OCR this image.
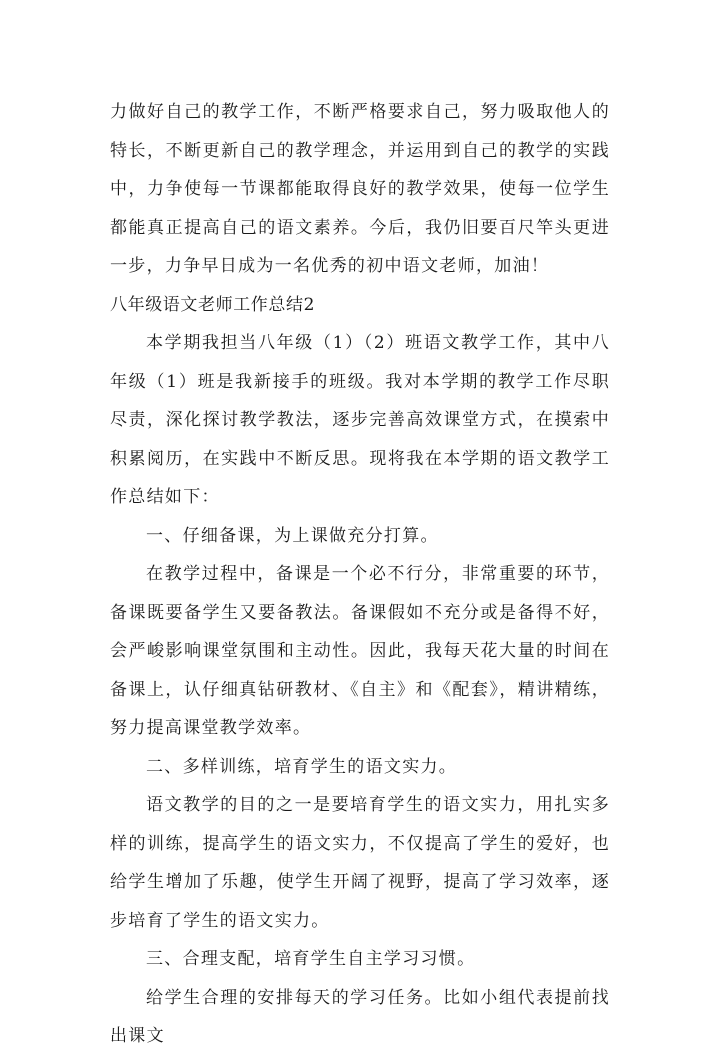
力做好自己的教学工作，不断严格要求自己，努力吸取他人的特长，不断更新自己的教学理念，并运用到自己的教学的实践中，力争使每一节课都能取得良好的教学效果，使每一位学生都能真正提高自己的语文素养。今后，我仍旧要百尺竿头更进一步，力争早日成为一名优秀的初中语文老师，加油！

八年级语文老师工作总结2

本学期我担当八年级（1）（2）班语文教学工作，其中八年级（1）班是我新接手的班级。我对本学期的教学工作尽职尽责，深化探讨教学教法，逐步完善高效课堂方式，在摸索中积累阅历，在实践中不断反思。现将我在本学期的语文教学工作总结如下：

一、仔细备课，为上课做充分打算。

在教学过程中，备课是一个必不行分，非常重要的环节，备课既要备学生又要备教法。备课假如不充分或是备得不好，会严峻影响课堂氛围和主动性。因此，我每天花大量的时间在备课上，认仔细真钻研教材、《自主》和《配套》，精讲精练，努力提高课堂教学效率。

二、多样训练，培育学生的语文实力。

语文教学的目的之一是要培育学生的语文实力，用扎实多样的训练，提高学生的语文实力，不仅提高了学生的爱好，也给学生增加了乐趣，使学生开阔了视野，提高了学习效率，逐步培育了学生的语文实力。

三、合理支配，培育学生自主学习习惯。

给学生合理的安排每天的学习任务。比如小组代表提前找出课文
